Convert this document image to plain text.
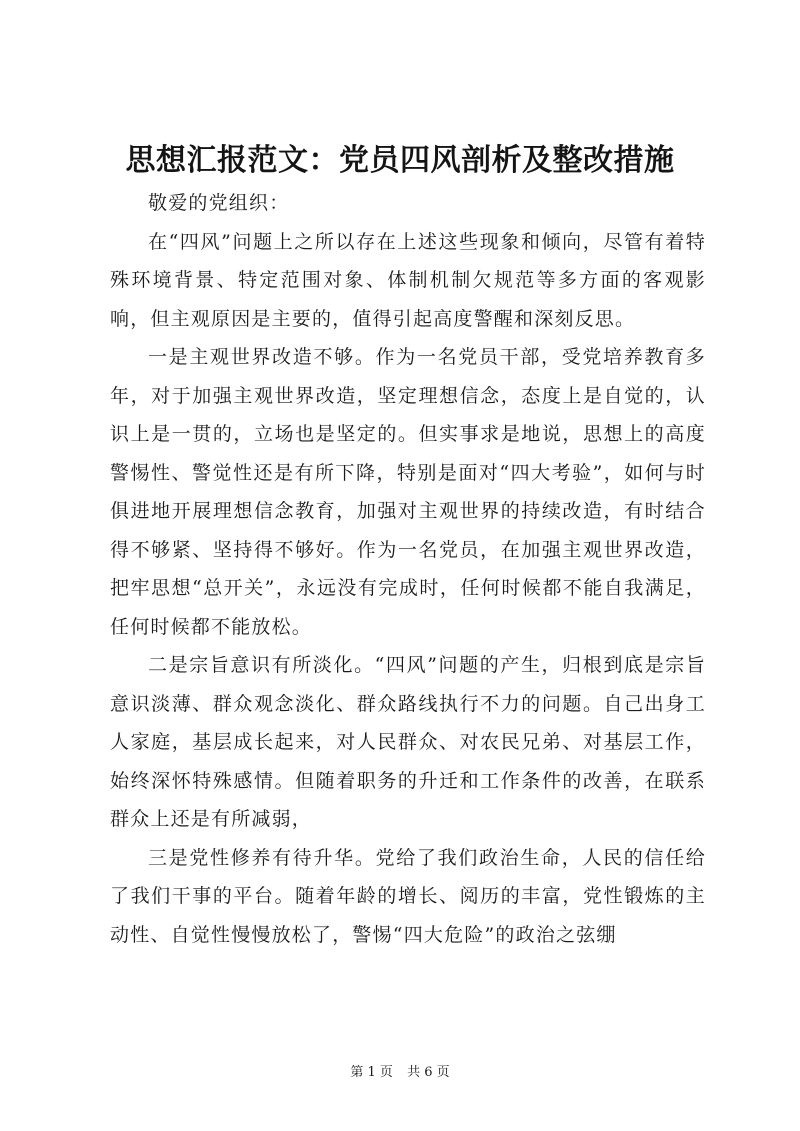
思想汇报范文：党员四风剖析及整改措施

敬爱的党组织：

在“四风”问题上之所以存在上述这些现象和倾向，尽管有着特殊环境背景、特定范围对象、体制机制欠规范等多方面的客观影响，但主观原因是主要的，值得引起高度警醒和深刻反思。

一是主观世界改造不够。作为一名党员干部，受党培养教育多年，对于加强主观世界改造，坚定理想信念，态度上是自觉的，认识上是一贯的，立场也是坚定的。但实事求是地说，思想上的高度警惕性、警觉性还是有所下降，特别是面对“四大考验”，如何与时俱进地开展理想信念教育，加强对主观世界的持续改造，有时结合得不够紧、坚持得不够好。作为一名党员，在加强主观世界改造，把牢思想“总开关”，永远没有完成时，任何时候都不能自我满足，任何时候都不能放松。

二是宗旨意识有所淡化。“四风”问题的产生，归根到底是宗旨意识淡薄、群众观念淡化、群众路线执行不力的问题。自己出身工人家庭，基层成长起来，对人民群众、对农民兄弟、对基层工作，始终深怀特殊感情。但随着职务的升迁和工作条件的改善，在联系群众上还是有所减弱，

三是党性修养有待升华。党给了我们政治生命，人民的信任给了我们干事的平台。随着年龄的增长、阅历的丰富，党性锻炼的主动性、自觉性慢慢放松了，警惕“四大危险”的政治之弦绷

第 1 页 共 6 页
